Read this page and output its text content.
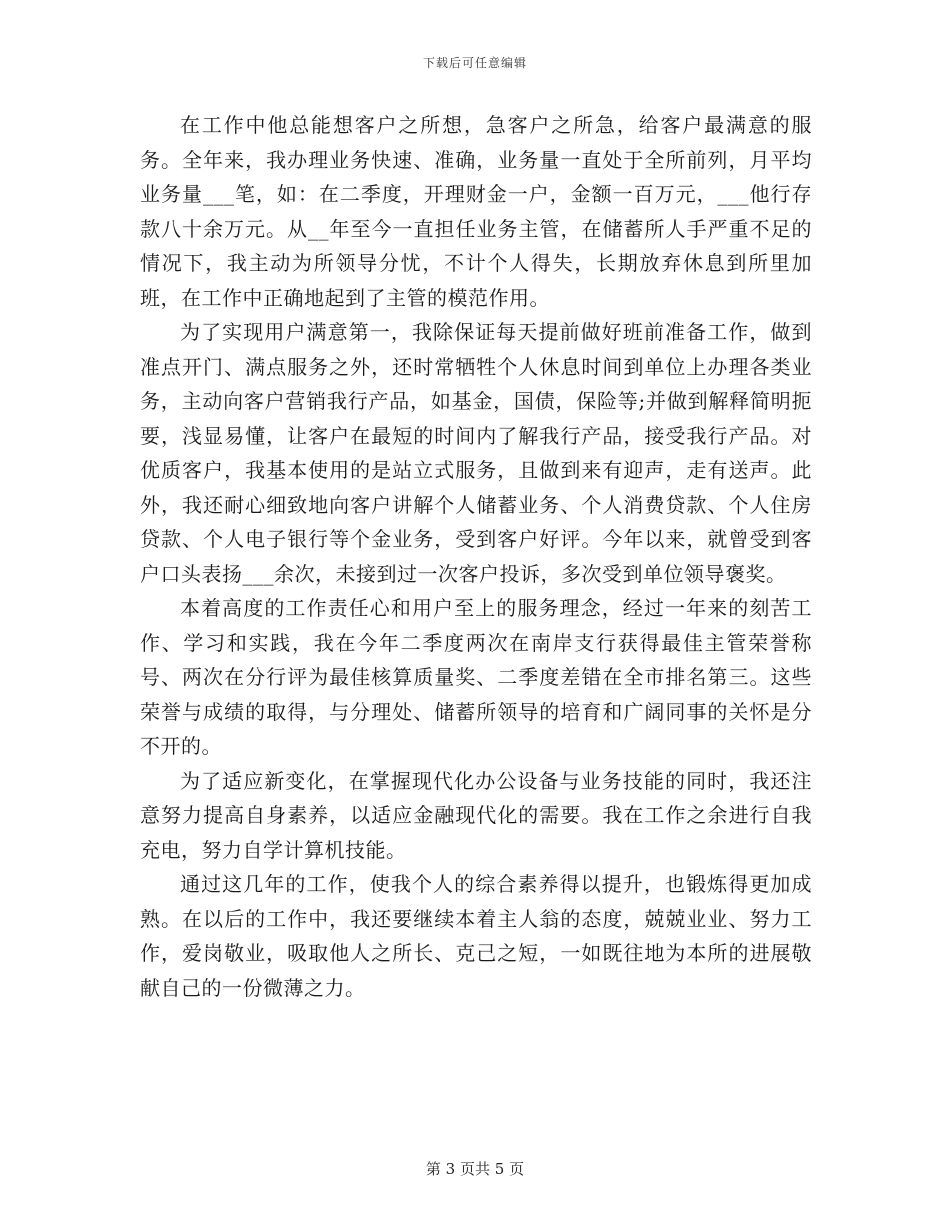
下载后可任意编辑

在工作中他总能想客户之所想，急客户之所急，给客户最满意的服务。全年来，我办理业务快速、准确，业务量一直处于全所前列，月平均业务量___笔，如：在二季度，开理财金一户，金额一百万元，___他行存款八十余万元。从__年至今一直担任业务主管，在储蓄所人手严重不足的情况下，我主动为所领导分忧，不计个人得失，长期放弃休息到所里加班，在工作中正确地起到了主管的模范作用。

为了实现用户满意第一，我除保证每天提前做好班前准备工作，做到准点开门、满点服务之外，还时常牺牲个人休息时间到单位上办理各类业务，主动向客户营销我行产品，如基金，国债，保险等;并做到解释简明扼要，浅显易懂，让客户在最短的时间内了解我行产品，接受我行产品。对优质客户，我基本使用的是站立式服务，且做到来有迎声，走有送声。此外，我还耐心细致地向客户讲解个人储蓄业务、个人消费贷款、个人住房贷款、个人电子银行等个金业务，受到客户好评。今年以来，就曾受到客户口头表扬___余次，未接到过一次客户投诉，多次受到单位领导褒奖。

本着高度的工作责任心和用户至上的服务理念，经过一年来的刻苦工作、学习和实践，我在今年二季度两次在南岸支行获得最佳主管荣誉称号、两次在分行评为最佳核算质量奖、二季度差错在全市排名第三。这些荣誉与成绩的取得，与分理处、储蓄所领导的培育和广阔同事的关怀是分不开的。

为了适应新变化，在掌握现代化办公设备与业务技能的同时，我还注意努力提高自身素养，以适应金融现代化的需要。我在工作之余进行自我充电，努力自学计算机技能。

通过这几年的工作，使我个人的综合素养得以提升，也锻炼得更加成熟。在以后的工作中，我还要继续本着主人翁的态度，兢兢业业、努力工作，爱岗敬业，吸取他人之所长、克己之短，一如既往地为本所的进展敬献自己的一份微薄之力。

第 3 页共 5 页
